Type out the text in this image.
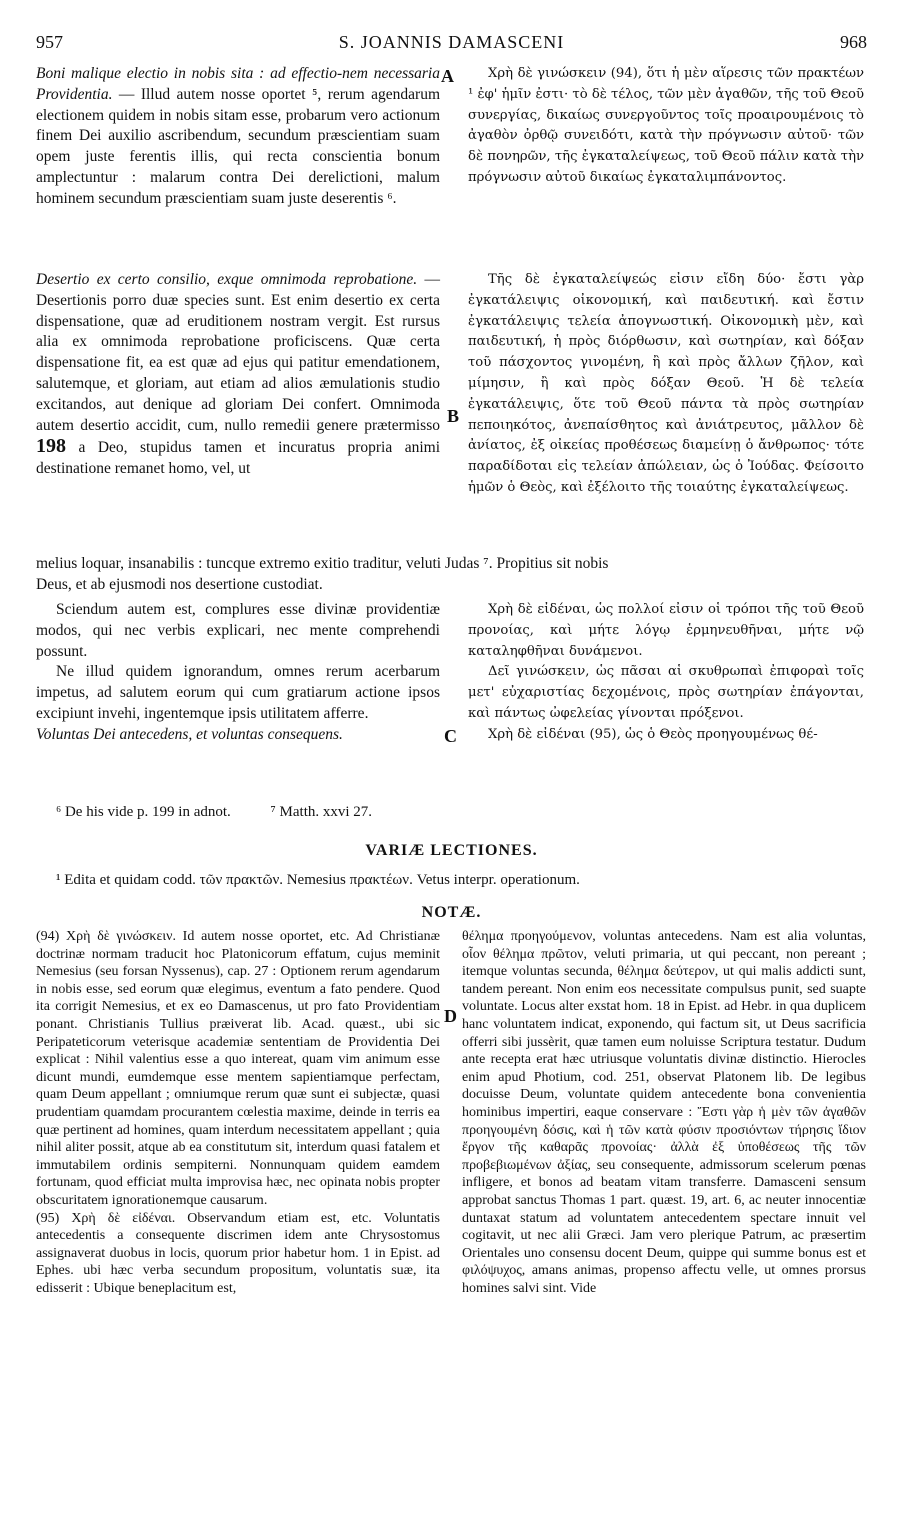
957	S. JOANNIS DAMASCENI	968
A
B
C
D

Boni malique electio in nobis sita : ad effectio-nem necessaria Providentia. — Illud autem nosse oportet ⁵, rerum agendarum electionem quidem in nobis sitam esse, probarum vero actionum finem Dei auxilio ascribendum, secundum præscientiam suam opem juste ferentis illis, qui recta conscientia bonum amplectuntur : malarum contra Dei derelictioni, malum hominem secundum præscientiam suam juste deserentis ⁶.

Χρὴ δὲ γινώσκειν (94), ὅτι ἡ μὲν αἵρεσις τῶν πρακτέων ¹ ἐφ' ἡμῖν ἐστι· τὸ δὲ τέλος, τῶν μὲν ἀγαθῶν, τῆς τοῦ Θεοῦ συνεργίας, δικαίως συνεργοῦντος τοῖς προαιρουμένοις τὸ ἀγαθὸν ὀρθῷ συνειδότι, κατὰ τὴν πρόγνωσιν αὐτοῦ· τῶν δὲ πονηρῶν, τῆς ἐγκαταλείψεως, τοῦ Θεοῦ πάλιν κατὰ τὴν πρόγνωσιν αὐτοῦ δικαίως ἐγκαταλιμπάνοντος.

Desertio ex certo consilio, exque omnimoda reprobatione. — Desertionis porro duæ species sunt. Est enim desertio ex certa dispensatione, quæ ad eruditionem nostram vergit. Est rursus alia ex omnimoda reprobatione proficiscens. Quæ certa dispensatione fit, ea est quæ ad ejus qui patitur emendationem, salutemque, et gloriam, aut etiam ad alios æmulationis studio excitandos, aut denique ad gloriam Dei confert. Omnimoda autem desertio accidit, cum, nullo remedii genere prætermisso 198 a Deo, stupidus tamen et incuratus propria animi destinatione remanet homo, vel, ut

Τῆς δὲ ἐγκαταλείψεώς εἰσιν εἴδη δύο· ἔστι γὰρ ἐγκατάλειψις οἰκονομική, καὶ παιδευτική. καὶ ἔστιν ἐγκατάλειψις τελεία ἀπογνωστική. Οἰκονομικὴ μὲν, καὶ παιδευτική, ἡ πρὸς διόρθωσιν, καὶ σωτηρίαν, καὶ δόξαν τοῦ πάσχοντος γινομένη, ἢ καὶ πρὸς ἄλλων ζῆλον, καὶ μίμησιν, ἢ καὶ πρὸς δόξαν Θεοῦ. Ἡ δὲ τελεία ἐγκατάλειψις, ὅτε τοῦ Θεοῦ πάντα τὰ πρὸς σωτηρίαν πεποιηκότος, ἀνεπαίσθητος καὶ ἀνιάτρευτος, μᾶλλον δὲ ἀνίατος, ἐξ οἰκείας προθέσεως διαμείνῃ ὁ ἄνθρωπος· τότε παραδίδοται εἰς τελείαν ἀπώλειαν, ὡς ὁ Ἰούδας. Φείσοιτο ἡμῶν ὁ Θεὸς, καὶ ἐξέλοιτο τῆς τοιαύτης ἐγκαταλείψεως.

melius loquar, insanabilis : tuncque extremo exitio traditur, veluti Judas ⁷. Propitius sit nobis

Deus, et ab ejusmodi nos desertione custodiat.

Sciendum autem est, complures esse divinæ providentiæ modos, qui nec verbis explicari, nec mente comprehendi possunt.

Ne illud quidem ignorandum, omnes rerum acerbarum impetus, ad salutem eorum qui cum gratiarum actione ipsos excipiunt invehi, ingentemque ipsis utilitatem afferre.

Voluntas Dei antecedens, et voluntas consequens.

Χρὴ δὲ εἰδέναι, ὡς πολλοί εἰσιν οἱ τρόποι τῆς τοῦ Θεοῦ προνοίας, καὶ μήτε λόγῳ ἑρμηνευθῆναι, μήτε νῷ καταληφθῆναι δυνάμενοι.

Δεῖ γινώσκειν, ὡς πᾶσαι αἱ σκυθρωπαὶ ἐπιφοραὶ τοῖς μετ' εὐχαριστίας δεχομένοις, πρὸς σωτηρίαν ἐπάγονται, καὶ πάντως ὠφελείας γίνονται πρόξενοι.

Χρὴ δὲ εἰδέναι (95), ὡς ὁ Θεὸς προηγουμένως θέ-

⁶ De his vide p. 199 in adnot.	⁷ Matth. xxvi 27.
VARIÆ LECTIONES.
¹ Edita et quidam codd. τῶν πρακτῶν. Nemesius πρακτέων. Vetus interpr. operationum.
NOTÆ.

(94) Χρὴ δὲ γινώσκειν. Id autem nosse oportet, etc. Ad Christianæ doctrinæ normam traducit hoc Platonicorum effatum, cujus meminit Nemesius (seu forsan Nyssenus), cap. 27 : Optionem rerum agendarum in nobis esse, sed eorum quæ elegimus, eventum a fato pendere. Quod ita corrigit Nemesius, et ex eo Damascenus, ut pro fato Providentiam ponant. Christianis Tullius præiverat lib. Acad. quæst., ubi sic Peripateticorum veterisque academiæ sententiam de Providentia Dei explicat : Nihil valentius esse a quo intereat, quam vim animum esse dicunt mundi, eumdemque esse mentem sapientiamque perfectam, quam Deum appellant ; omniumque rerum quæ sunt ei subjectæ, quasi prudentiam quamdam procurantem cœlestia maxime, deinde in terris ea quæ pertinent ad homines, quam interdum necessitatem appellant ; quia nihil aliter possit, atque ab ea constitutum sit, interdum quasi fatalem et immutabilem ordinis sempiterni. Nonnunquam quidem eamdem fortunam, quod efficiat multa improvisa hæc, nec opinata nobis propter obscuritatem ignorationemque causarum.

(95) Χρὴ δὲ εἰδέναι. Observandum etiam est, etc. Voluntatis antecedentis a consequente discrimen idem ante Chrysostomus assignaverat duobus in locis, quorum prior habetur hom. 1 in Epist. ad Ephes. ubi hæc verba secundum propositum, voluntatis suæ, ita edisserit : Ubique beneplacitum est,

θέλημα προηγούμενον, voluntas antecedens. Nam est alia voluntas, οἷον θέλημα πρῶτον, veluti primaria, ut qui peccant, non pereant ; itemque voluntas secunda, θέλημα δεύτερον, ut qui malis addicti sunt, tandem pereant. Non enim eos necessitate compulsus punit, sed suapte voluntate. Locus alter exstat hom. 18 in Epist. ad Hebr. in qua duplicem hanc voluntatem indicat, exponendo, qui factum sit, ut Deus sacrificia offerri sibi jussèrit, quæ tamen eum noluisse Scriptura testatur. Dudum ante recepta erat hæc utriusque voluntatis divinæ distinctio. Hierocles enim apud Photium, cod. 251, observat Platonem lib. De legibus docuisse Deum, voluntate quidem antecedente bona convenientia hominibus impertiri, eaque conservare : Ἔστι γὰρ ἡ μὲν τῶν ἀγαθῶν προηγουμένη δόσις, καὶ ἡ τῶν κατὰ φύσιν προσιόντων τήρησις ἴδιον ἔργον τῆς καθαρᾶς προνοίας· ἀλλὰ ἐξ ὑποθέσεως τῆς τῶν προβεβιωμένων ἀξίας, seu consequente, admissorum scelerum pœnas infligere, et bonos ad beatam vitam transferre. Damasceni sensum approbat sanctus Thomas 1 part. quæst. 19, art. 6, ac neuter innocentiæ duntaxat statum ad voluntatem antecedentem spectare innuit vel cogitavit, ut nec alii Græci. Jam vero plerique Patrum, ac præsertim Orientales uno consensu docent Deum, quippe qui summe bonus est et φιλόψυχος, amans animas, propenso affectu velle, ut omnes prorsus homines salvi sint. Vide
